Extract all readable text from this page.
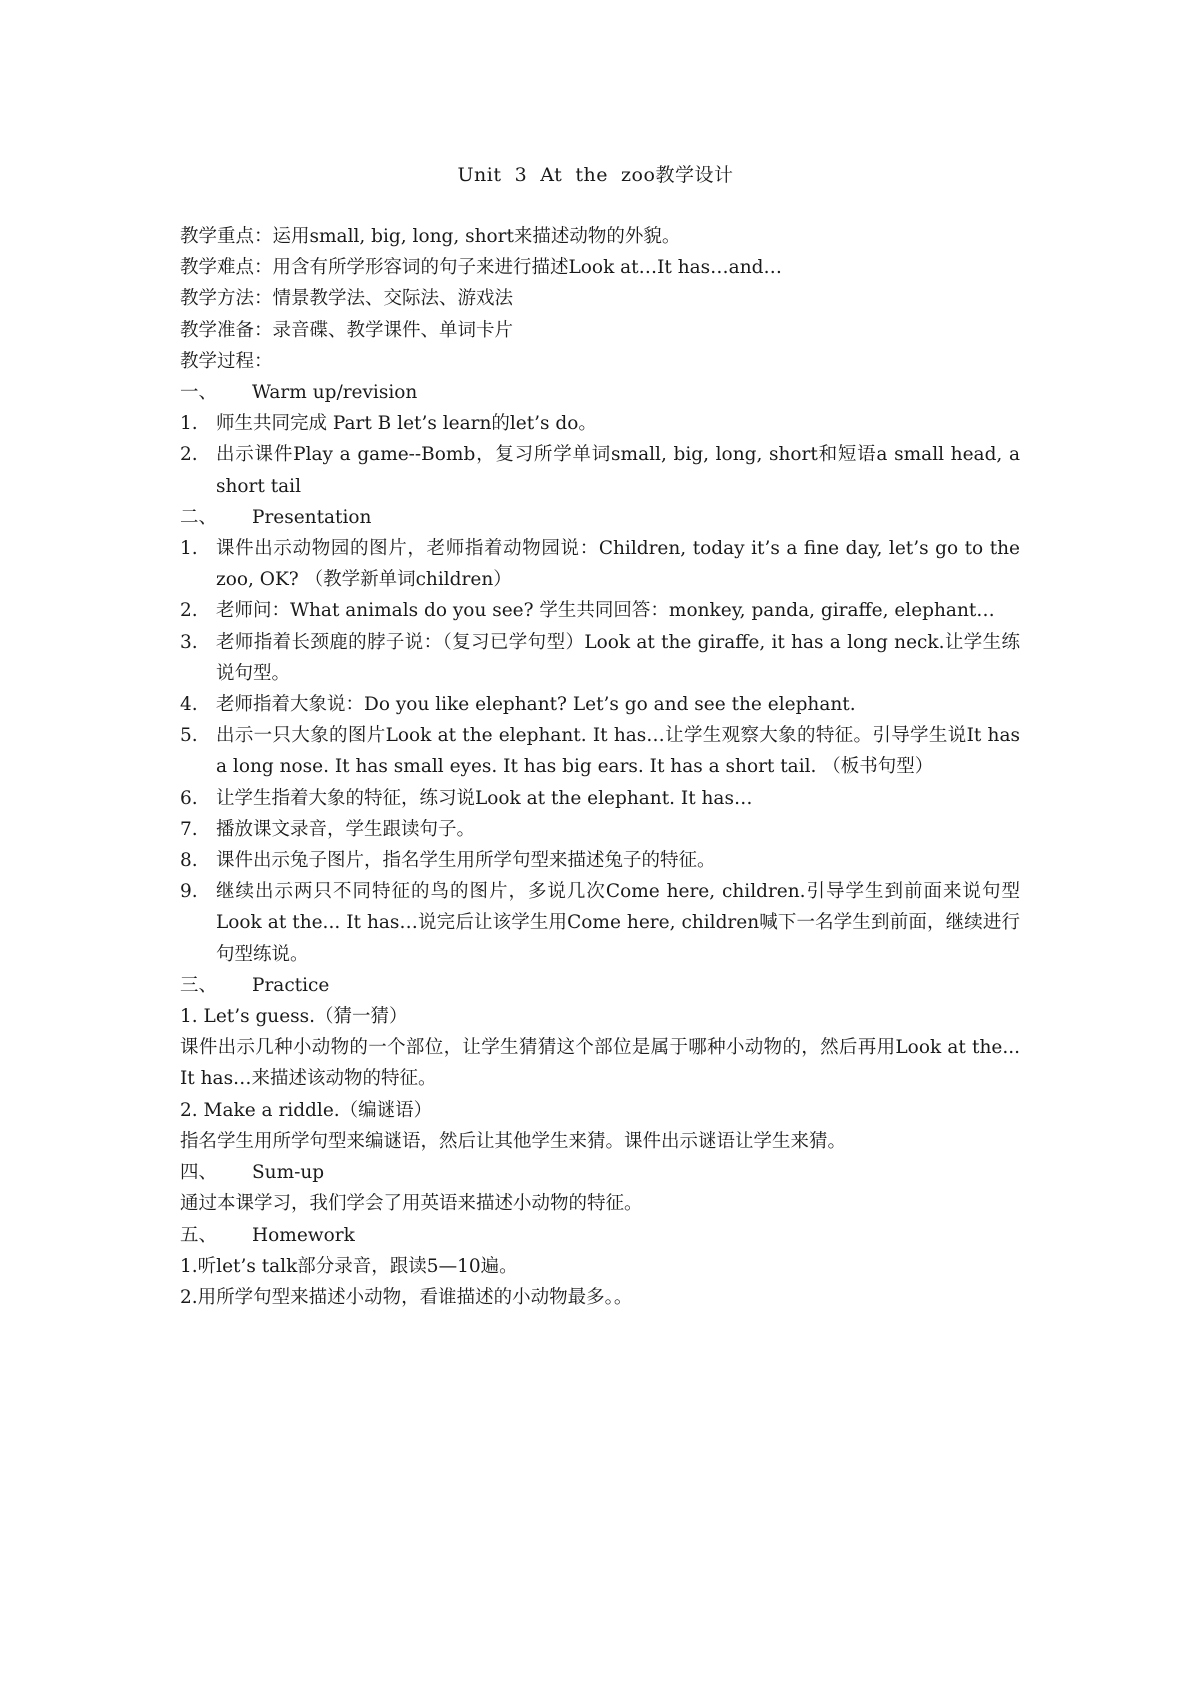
Unit  3  At  the  zoo教学设计
教学重点：运用small, big, long, short来描述动物的外貌。
教学难点：用含有所学形容词的句子来进行描述Look at…It has…and…
教学方法：情景教学法、交际法、游戏法
教学准备：录音碟、教学课件、单词卡片
教学过程：
一、	Warm up/revision
1. 师生共同完成 Part B let’s learn的let’s do。
2. 出示课件Play a game--Bomb，复习所学单词small, big, long, short和短语a small head, a short tail
二、	Presentation
1. 课件出示动物园的图片，老师指着动物园说：Children, today it’s a fine day, let’s go to the zoo, OK? （教学新单词children）
2. 老师问：What animals do you see? 学生共同回答：monkey, panda, giraffe, elephant…
3. 老师指着长颈鹿的脖子说：（复习已学句型）Look at the giraffe, it has a long neck.让学生练说句型。
4. 老师指着大象说：Do you like elephant? Let’s go and see the elephant.
5. 出示一只大象的图片Look at the elephant. It has…让学生观察大象的特征。引导学生说It has a long nose. It has small eyes. It has big ears. It has a short tail. （板书句型）
6. 让学生指着大象的特征，练习说Look at the elephant. It has…
7. 播放课文录音，学生跟读句子。
8. 课件出示兔子图片，指名学生用所学句型来描述兔子的特征。
9. 继续出示两只不同特征的鸟的图片，多说几次Come here, children.引导学生到前面来说句型Look at the... It has…说完后让该学生用Come here, children喊下一名学生到前面，继续进行句型练说。
三、	Practice
1. Let’s guess.（猜一猜）
课件出示几种小动物的一个部位，让学生猜猜这个部位是属于哪种小动物的，然后再用Look at the... It has…来描述该动物的特征。
2. Make a riddle.（编谜语）
指名学生用所学句型来编谜语，然后让其他学生来猜。课件出示谜语让学生来猜。
四、	Sum-up
通过本课学习，我们学会了用英语来描述小动物的特征。
五、	Homework
1.听let’s talk部分录音，跟读5—10遍。
2.用所学句型来描述小动物，看谁描述的小动物最多。。
